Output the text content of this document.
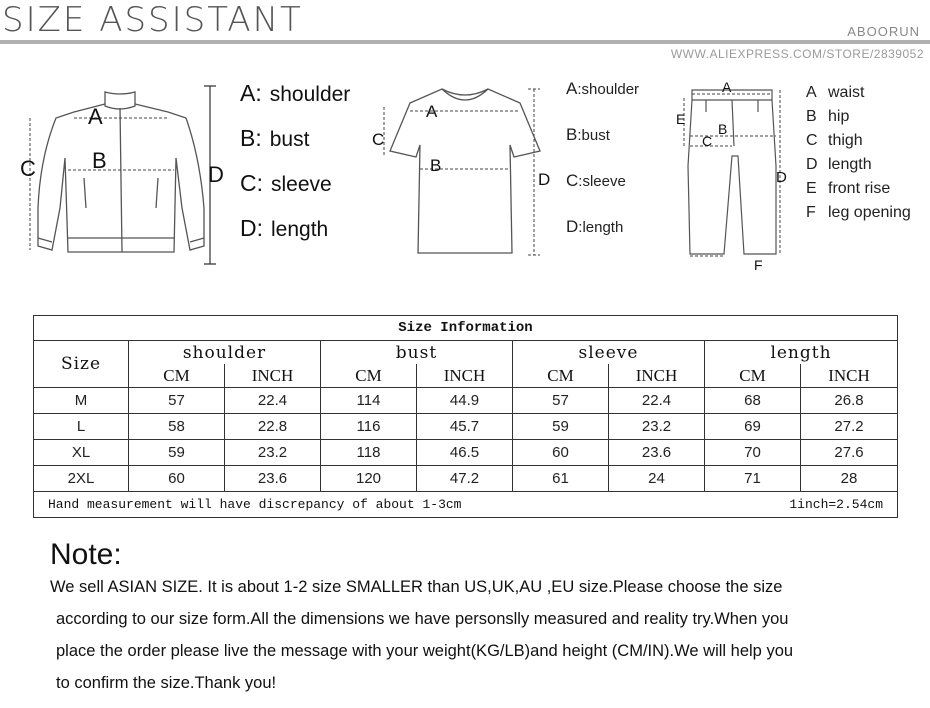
SIZE ASSISTANT	ABOORUN
WWW.ALIEXPRESS.COM/STORE/2839052
A
B
C	D
A: shoulder
B: bust
C: sleeve
D: length
A
B
C
D
A:shoulder
B:bust
C:sleeve
D:length
A
B
C
D
E
F
A waist
B hip
C thigh
D length
E front rise
F leg opening
Size Information								
Size	shoulder		bust		sleeve		length	
	CM	INCH	CM	INCH	CM	INCH	CM	INCH
M	57	22.4	114	44.9	57	22.4	68	26.8
L	58	22.8	116	45.7	59	23.2	69	27.2
XL	59	23.2	118	46.5	60	23.6	70	27.6
2XL	60	23.6	120	47.2	61	24	71	28
Hand measurement will have discrepancy of about 1-3cm 1inch=2.54cm								
Note:
We sell ASIAN SIZE. It is about 1-2 size SMALLER than US,UK,AU ,EU size.Please choose the size
according to our size form.All the dimensions we have personslly measured and reality try.When you
place the order please live the message with your weight(KG/LB)and height (CM/IN).We will help you
to confirm the size.Thank you!
